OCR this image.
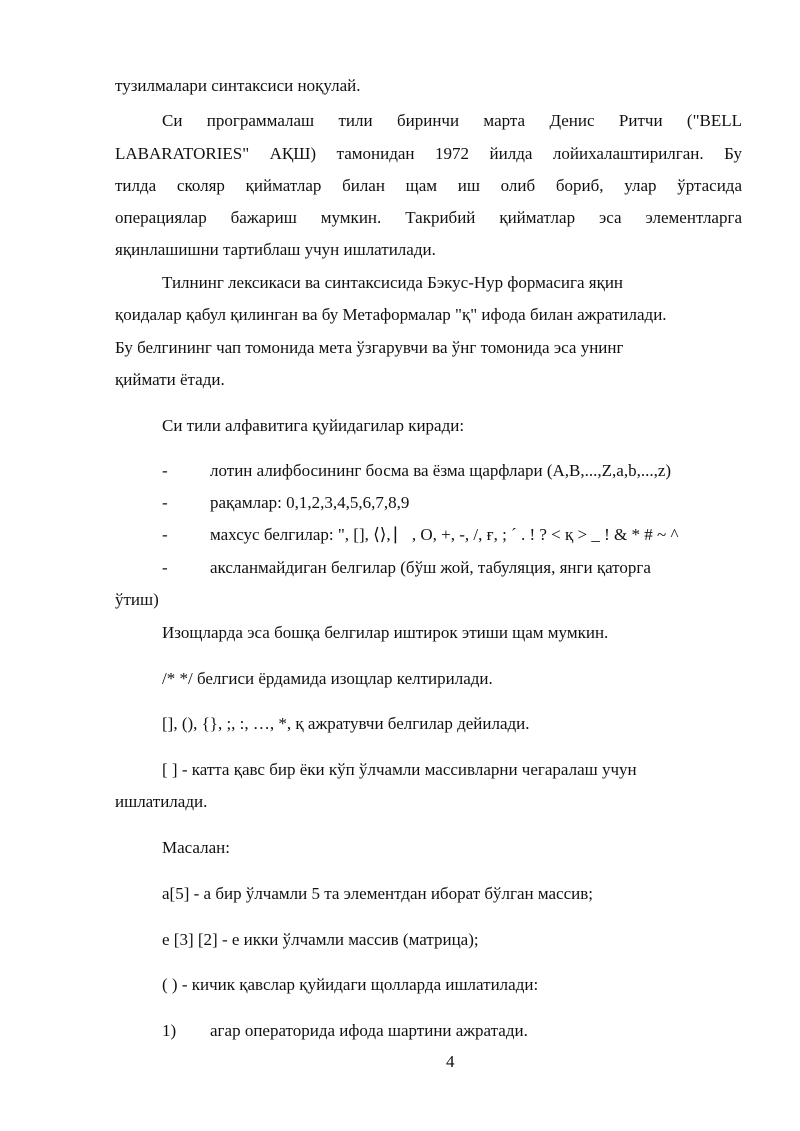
тузилмалари синтаксиси ноқулай.
Си программалаш тили биринчи марта Денис Ритчи ("BELL
LABARATORIES" АҚШ) тамонидан 1972 йилда лойихалаштирилган. Бу
тилда сколяр қийматлар билан щам иш олиб бориб, улар ўртасида
операциялар бажариш мумкин. Такрибий қийматлар эса элементларга
яқинлашишни тартиблаш учун ишлатилади.
Тилнинг лексикаси ва синтаксисида Бэкус-Нур формасига яқин
қоидалар қабул қилинган ва бу Метаформалар "қ" ифода билан ажратилади.
Бу белгининг чап томонида мета ўзгарувчи ва ўнг томонида эса унинг
қиймати ётади.
Си тили алфавитига қуйидагилар киради:
- лотин алифбосининг босма ва ёзма щарфлари (A,B,...,Z,a,b,...,z)
- рақамлар: 0,1,2,3,4,5,6,7,8,9
- махсус белгилар: ", [], ⟨⟩, ⎸, О, +, -, /, ғ, ; ´ . ! ? < қ > _ ! & * # ~ ^
- аксланмайдиган белгилар (бўш жой, табуляция, янги қаторга
ўтиш)
Изощларда эса бошқа белгилар иштирок этиши щам мумкин.
/* */ белгиси ёрдамида изощлар келтирилади.
[], (), {}, ;, :, …, *, қ ажратувчи белгилар дейилади.
[ ] - катта қавс бир ёки кўп ўлчамли массивларни чегаралаш учун
ишлатилади.
Масалан:
a[5] - а бир ўлчамли 5 та элементдан иборат бўлган массив;
e [3] [2] - е икки ўлчамли массив (матрица);
( ) - кичик қавслар қуйидаги щолларда ишлатилади:
1) агар операторида ифода шартини ажратади.
4
